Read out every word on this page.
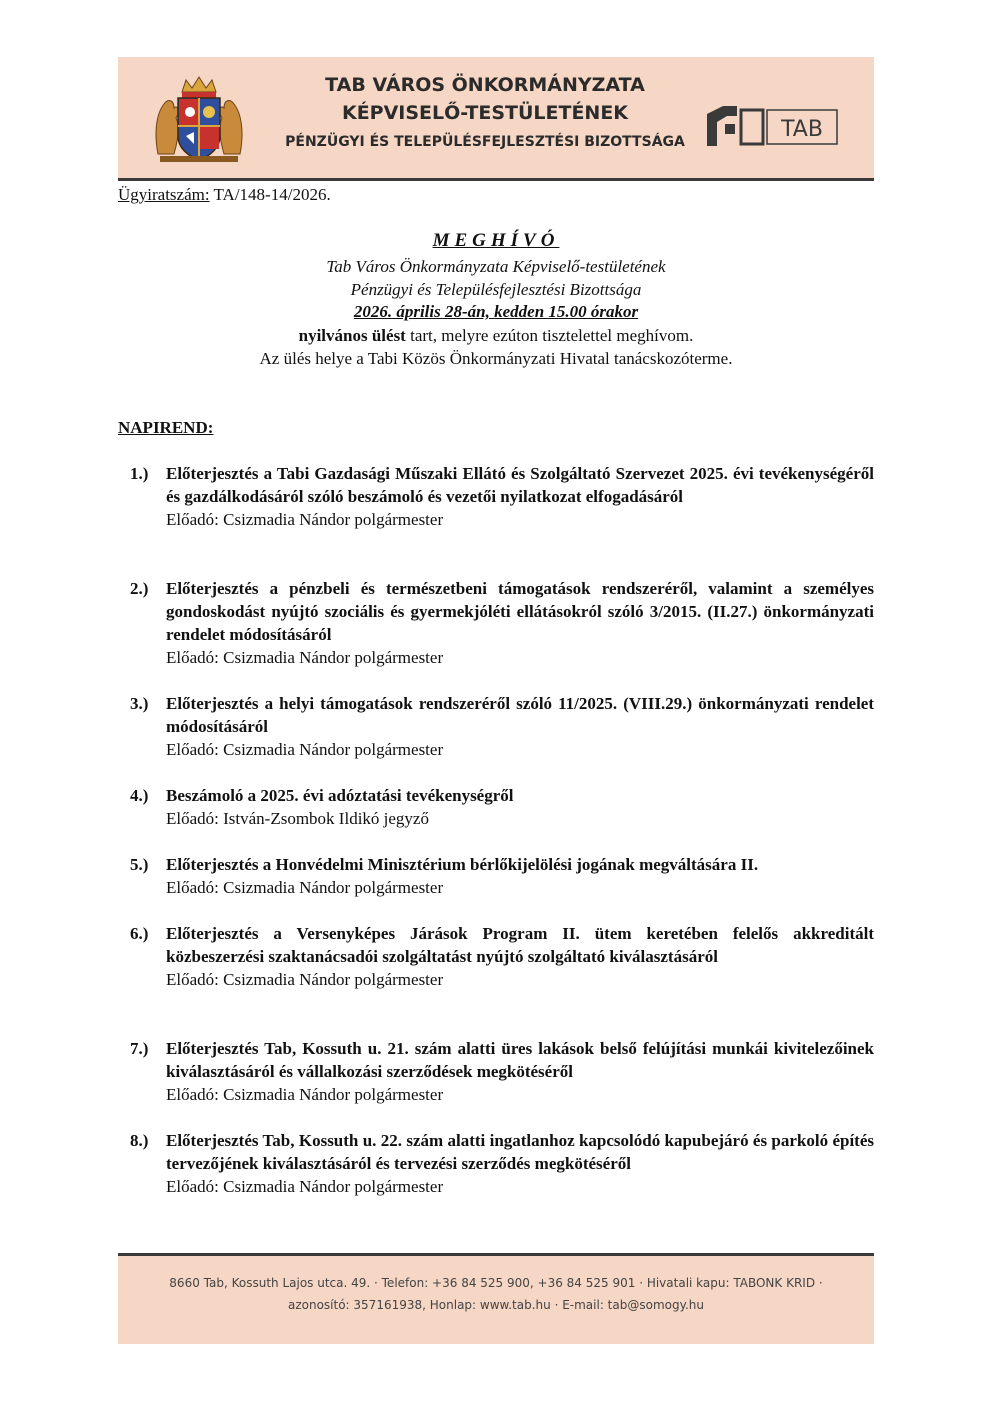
TAB VÁROS ÖNKORMÁNYZATA
KÉPVISELŐ-TESTÜLETÉNEK
PÉNZÜGYI ÉS TELEPÜLÉSFEJLESZTÉSI BIZOTTSÁGA	TAB
Ügyiratszám: TA/148-14/2026.
MEGHÍVÓ
Tab Város Önkormányzata Képviselő-testületének
Pénzügyi és Településfejlesztési Bizottsága
2026. április 28-án, kedden 15.00 órakor
nyilvános ülést tart, melyre ezúton tisztelettel meghívom.
Az ülés helye a Tabi Közös Önkormányzati Hivatal tanácskozóterme.
NAPIREND:
1.) Előterjesztés a Tabi Gazdasági Műszaki Ellátó és Szolgáltató Szervezet 2025. évi tevékenységéről és gazdálkodásáról szóló beszámoló és vezetői nyilatkozat elfogadásáról
Előadó: Csizmadia Nándor polgármester
2.) Előterjesztés a pénzbeli és természetbeni támogatások rendszeréről, valamint a személyes gondoskodást nyújtó szociális és gyermekjóléti ellátásokról szóló 3/2015. (II.27.) önkormányzati rendelet módosításáról
Előadó: Csizmadia Nándor polgármester
3.) Előterjesztés a helyi támogatások rendszeréről szóló 11/2025. (VIII.29.) önkormányzati rendelet módosításáról
Előadó: Csizmadia Nándor polgármester
4.) Beszámoló a 2025. évi adóztatási tevékenységről
Előadó: István-Zsombok Ildikó jegyző
5.) Előterjesztés a Honvédelmi Minisztérium bérlőkijelölési jogának megváltására II.
Előadó: Csizmadia Nándor polgármester
6.) Előterjesztés a Versenyképes Járások Program II. ütem keretében felelős akkreditált közbeszerzési szaktanácsadói szolgáltatást nyújtó szolgáltató kiválasztásáról
Előadó: Csizmadia Nándor polgármester
7.) Előterjesztés Tab, Kossuth u. 21. szám alatti üres lakások belső felújítási munkái kivitelezőinek kiválasztásáról és vállalkozási szerződések megkötéséről
Előadó: Csizmadia Nándor polgármester
8.) Előterjesztés Tab, Kossuth u. 22. szám alatti ingatlanhoz kapcsolódó kapubejáró és parkoló építés tervezőjének kiválasztásáról és tervezési szerződés megkötéséről
Előadó: Csizmadia Nándor polgármester
8660 Tab, Kossuth Lajos utca. 49. · Telefon: +36 84 525 900, +36 84 525 901 · Hivatali kapu: TABONK KRID ·
azonosító: 357161938, Honlap: www.tab.hu · E-mail: tab@somogy.hu
